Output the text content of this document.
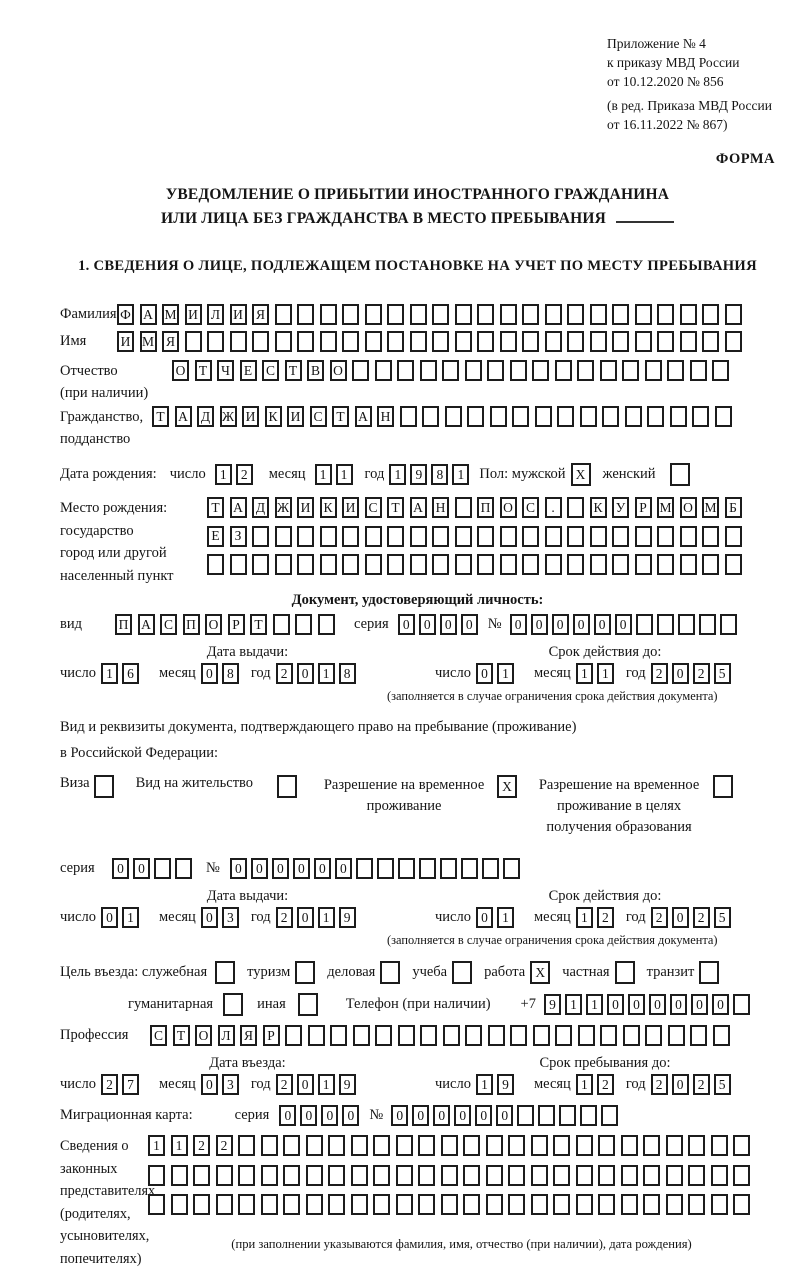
Приложение № 4
к приказу МВД России
от 10.12.2020 № 856
(в ред. Приказа МВД России
от 16.11.2022 № 867)
ФОРМА
УВЕДОМЛЕНИЕ О ПРИБЫТИИ ИНОСТРАННОГО ГРАЖДАНИНА
ИЛИ ЛИЦА БЕЗ ГРАЖДАНСТВА В МЕСТО ПРЕБЫВАНИЯ
1. СВЕДЕНИЯ О ЛИЦЕ, ПОДЛЕЖАЩЕМ ПОСТАНОВКЕ НА УЧЕТ ПО МЕСТУ ПРЕБЫВАНИЯ
Фамилия Ф А М И Л И Я

Имя	И М Я

Отчество
(при наличии)
О	Т	Ч	Е	С	Т	В О

Гражданство,
подданство
Т	А Д Ж И К И С	Т	А Н

Дата рождения: число	1	2	месяц	1	1	год 1	9	8	1	Пол: мужской X	женский

Место рождения:
государство
город или другой
населенный пункт
Т	А Д Ж И К И С	Т	А Н
	П О С	.
	К У	Р М О М Б

Е	З

Документ, удостоверяющий личность:
вид	П А С П О	Р	Т

	серия	0	0	0	0	№ 0	0	0	0	0	0

Дата выдачи:
число 1	6	месяц 0	8	год 2	0	1	8
Срок действия до:
число 0	1	месяц 1	1	год 2	0	2	5
(заполняется в случае ограничения срока действия документа)
Вид и реквизиты документа, подтверждающего право на пребывание (проживание)
в Российской Федерации:
Виза
	Вид на жительство
	Разрешение на временное проживание
X	Разрешение на временное проживание в целях получения образования

серия	0	0

	№	0	0	0	0	0	0

Дата выдачи:
число 0	1	месяц 0	3	год 2	0	1	9
Срок действия до:
число 0	1	месяц 1	2	год 2	0	2	5
(заполняется в случае ограничения срока действия документа)
Цель въезда: служебная
	туризм
	деловая
	учеба
	работа X	частная
	транзит

гуманитарная
	иная
	Телефон (при наличии) +7 9	1	1	0	0	0	0	0	0

Профессия	С	Т	О Л Я	Р

Дата въезда:
число 2	7	месяц 0	3	год 2	0	1	9
Срок пребывания до:
число 1	9	месяц 1	2	год 2	0	2	5
Миграционная карта:	серия	0	0	0	0	№ 0	0	0	0	0	0

Сведения о
законных
представителях
(родителях,
усыновителях,
попечителях)
1	1	2	2

(при заполнении указываются фамилия, имя, отчество (при наличии), дата рождения)
